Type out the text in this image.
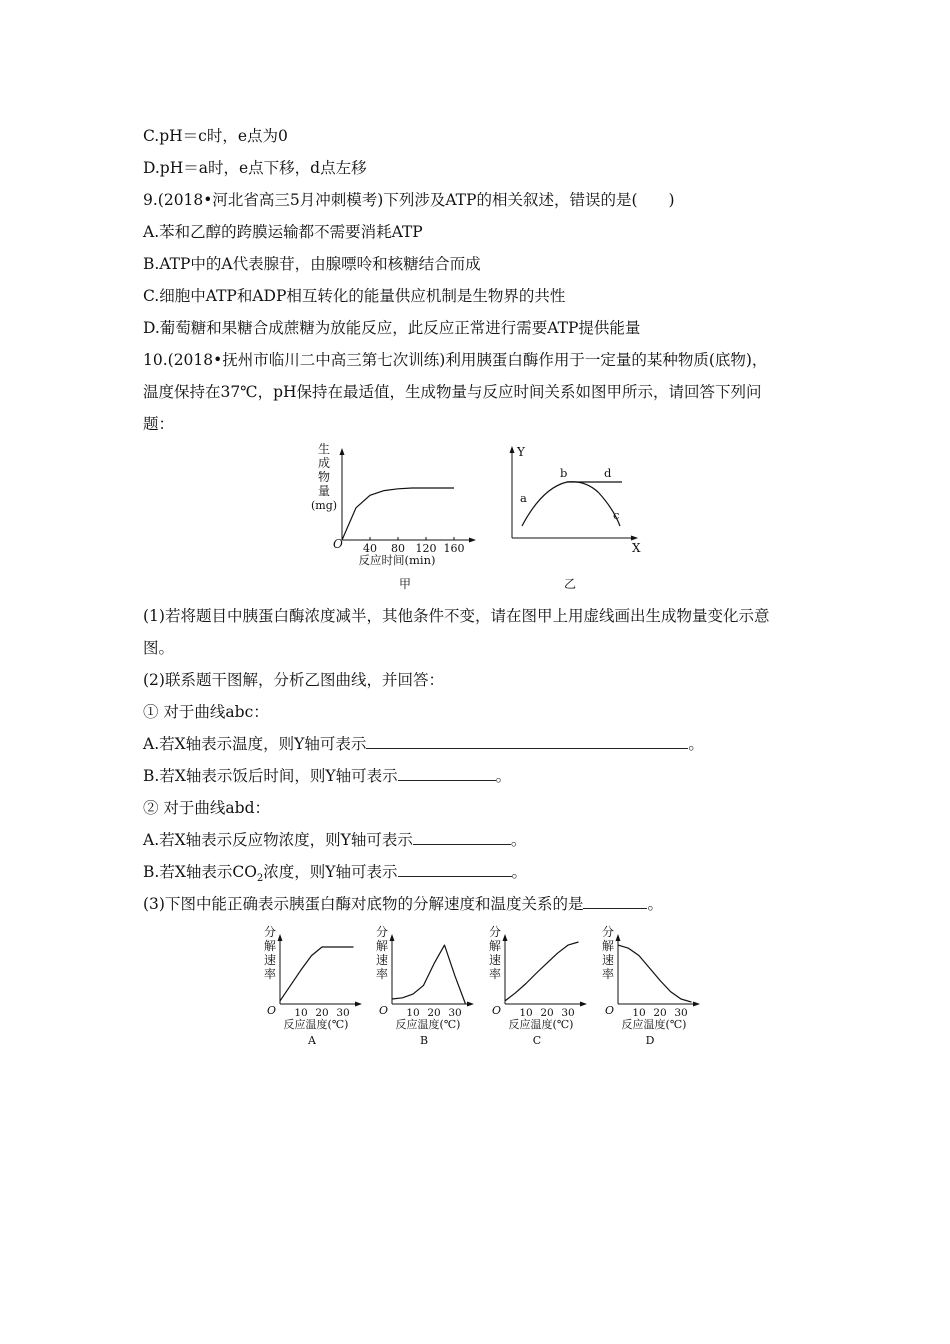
C.pH＝c时，e点为0
D.pH＝a时，e点下移，d点左移
9.(2018•河北省高三5月冲刺模考)下列涉及ATP的相关叙述，错误的是(　　)
A.苯和乙醇的跨膜运输都不需要消耗ATP
B.ATP中的A代表腺苷，由腺嘌呤和核糖结合而成
C.细胞中ATP和ADP相互转化的能量供应机制是生物界的共性
D.葡萄糖和果糖合成蔗糖为放能反应，此反应正常进行需要ATP提供能量
10.(2018•抚州市临川二中高三第七次训练)利用胰蛋白酶作用于一定量的某种物质(底物)，
温度保持在37℃，pH保持在最适值，生成物量与反应时间关系如图甲所示，请回答下列问
题：
生
成
物
量
(mg)
O 40 80 120 160
反应时间(min)
甲
Y
X
a
b
c
d
乙
(1)若将题目中胰蛋白酶浓度减半，其他条件不变，请在图甲上用虚线画出生成物量变化示意
图。
(2)联系题干图解，分析乙图曲线，并回答：
① 对于曲线abc：
A.若X轴表示温度，则Y轴可表示	。
B.若X轴表示饭后时间，则Y轴可表示	。
② 对于曲线abd：
A.若X轴表示反应物浓度，则Y轴可表示	。
B.若X轴表示$CO_2$浓度，则Y轴可表示	。
(3)下图中能正确表示胰蛋白酶对底物的分解速度和温度关系的是	。
分
解
速
率
O 10 20 30
反应温度(℃)
A
分
解
速
率
O 10 20 30
反应温度(℃)
B
分
解
速
率
O 10 20 30
反应温度(℃)
C
分
解
速
率
O 10 20 30
反应温度(℃)
D
